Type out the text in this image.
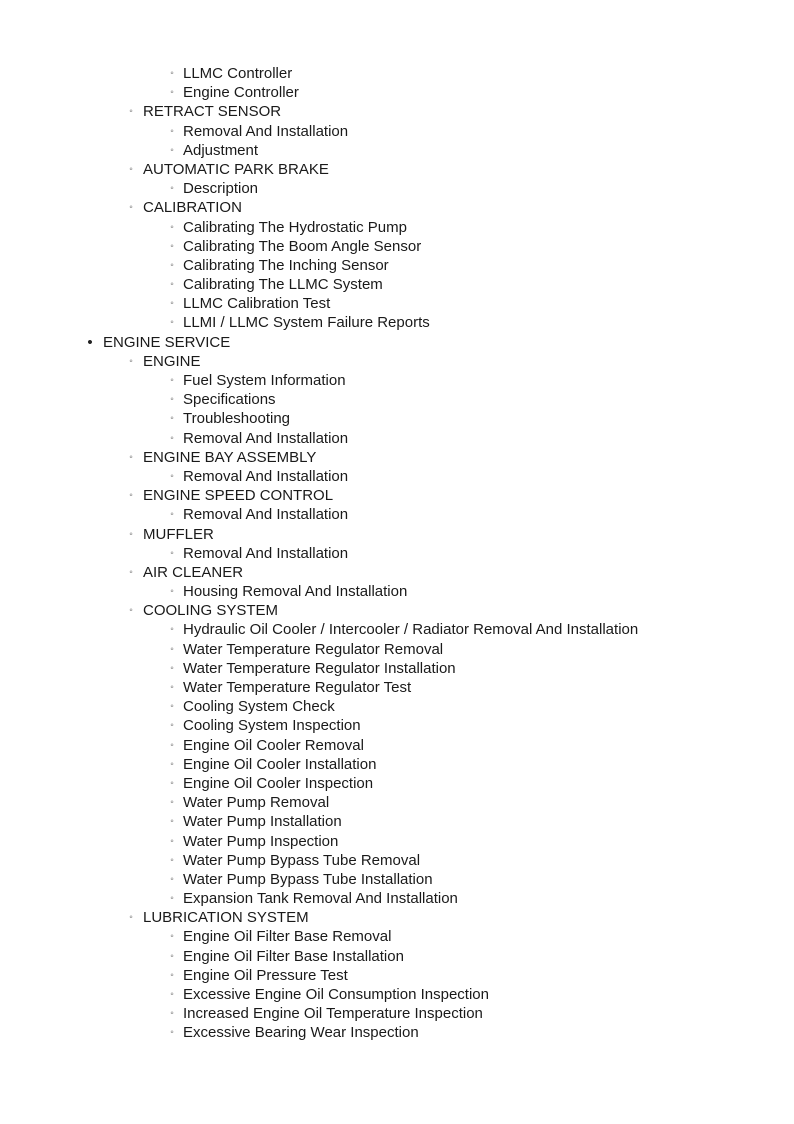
◦ LLMC Controller
◦ Engine Controller
◦ RETRACT SENSOR
◦ Removal And Installation
◦ Adjustment
◦ AUTOMATIC PARK BRAKE
◦ Description
◦ CALIBRATION
◦ Calibrating The Hydrostatic Pump
◦ Calibrating The Boom Angle Sensor
◦ Calibrating The Inching Sensor
◦ Calibrating The LLMC System
◦ LLMC Calibration Test
◦ LLMI / LLMC System Failure Reports
• ENGINE SERVICE
◦ ENGINE
◦ Fuel System Information
◦ Specifications
◦ Troubleshooting
◦ Removal And Installation
◦ ENGINE BAY ASSEMBLY
◦ Removal And Installation
◦ ENGINE SPEED CONTROL
◦ Removal And Installation
◦ MUFFLER
◦ Removal And Installation
◦ AIR CLEANER
◦ Housing Removal And Installation
◦ COOLING SYSTEM
◦ Hydraulic Oil Cooler / Intercooler / Radiator Removal And Installation
◦ Water Temperature Regulator Removal
◦ Water Temperature Regulator Installation
◦ Water Temperature Regulator Test
◦ Cooling System Check
◦ Cooling System Inspection
◦ Engine Oil Cooler Removal
◦ Engine Oil Cooler Installation
◦ Engine Oil Cooler Inspection
◦ Water Pump Removal
◦ Water Pump Installation
◦ Water Pump Inspection
◦ Water Pump Bypass Tube Removal
◦ Water Pump Bypass Tube Installation
◦ Expansion Tank Removal And Installation
◦ LUBRICATION SYSTEM
◦ Engine Oil Filter Base Removal
◦ Engine Oil Filter Base Installation
◦ Engine Oil Pressure Test
◦ Excessive Engine Oil Consumption Inspection
◦ Increased Engine Oil Temperature Inspection
◦ Excessive Bearing Wear Inspection
